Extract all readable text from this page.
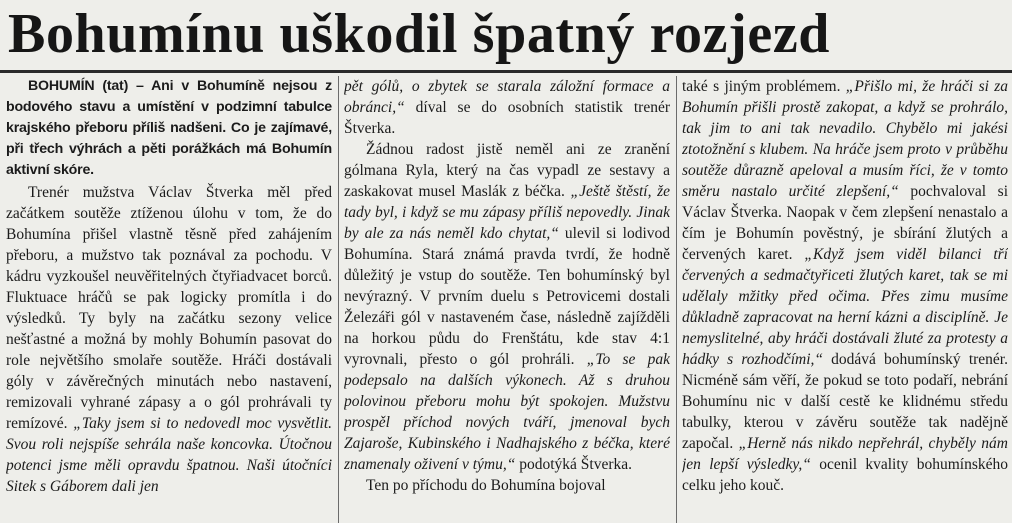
Bohumínu uškodil špatný rozjezd

BOHUMÍN (tat) – Ani v Bohumíně nejsou z bodového stavu a umístění v podzimní tabulce krajského přeboru příliš nadšeni. Co je zajímavé, při třech výhrách a pěti porážkách má Bohumín aktivní skóre.

Trenér mužstva Václav Štverka měl před začátkem soutěže ztíženou úlohu v tom, že do Bohumína přišel vlastně těsně před zahájením přeboru, a mužstvo tak poznával za pochodu. V kádru vyzkoušel neuvěřitelných čtyřiadvacet borců. Fluktuace hráčů se pak logicky promítla i do výsledků. Ty byly na začátku sezony velice nešťastné a možná by mohly Bohumín pasovat do role největšího smolaře soutěže. Hráči dostávali góly v závěrečných minutách nebo nastavení, remizovali vyhrané zápasy a o gól prohrávali ty remízové. „Taky jsem si to nedovedl moc vysvětlit. Svou roli nejspíše sehrála naše koncovka. Útočnou potenci jsme měli opravdu špatnou. Naši útočníci Sitek s Gáborem dali jen

pět gólů, o zbytek se starala záložní formace a obránci,“ díval se do osobních statistik trenér Štverka.

Žádnou radost jistě neměl ani ze zranění gólmana Ryla, který na čas vypadl ze sestavy a zaskakovat musel Maslák z béčka. „Ještě štěstí, že tady byl, i když se mu zápasy příliš nepovedly. Jinak by ale za nás neměl kdo chytat,“ ulevil si lodivod Bohumína. Stará známá pravda tvrdí, že hodně důležitý je vstup do soutěže. Ten bohumínský byl nevýrazný. V prvním duelu s Petrovicemi dostali Železáři gól v nastaveném čase, následně zajížděli na horkou půdu do Frenštátu, kde stav 4:1 vyrovnali, přesto o gól prohráli. „To se pak podepsalo na dalších výkonech. Až s druhou polovinou přeboru mohu být spokojen. Mužstvu prospěl příchod nových tváří, jmenoval bych Zajaroše, Kubinského i Nadhajského z béčka, které znamenaly oživení v týmu,“ podotýká Štverka.

Ten po příchodu do Bohumína bojoval

také s jiným problémem. „Přišlo mi, že hráči si za Bohumín přišli prostě zakopat, a když se prohrálo, tak jim to ani tak nevadilo. Chybělo mi jakési ztotožnění s klubem. Na hráče jsem proto v průběhu soutěže důrazně apeloval a musím říci, že v tomto směru nastalo určité zlepšení,“ pochvaloval si Václav Štverka. Naopak v čem zlepšení nenastalo a čím je Bohumín pověstný, je sbírání žlutých a červených karet. „Když jsem viděl bilanci tří červených a sedmačtyřiceti žlutých karet, tak se mi udělaly mžitky před očima. Přes zimu musíme důkladně zapracovat na herní kázni a disciplíně. Je nemyslitelné, aby hráči dostávali žluté za protesty a hádky s rozhodčími,“ dodává bohumínský trenér. Nicméně sám věří, že pokud se toto podaří, nebrání Bohumínu nic v další cestě ke klidnému středu tabulky, kterou v závěru soutěže tak nadějně započal. „Herně nás nikdo nepřehrál, chyběly nám jen lepší výsledky,“ ocenil kvality bohumínského celku jeho kouč.
